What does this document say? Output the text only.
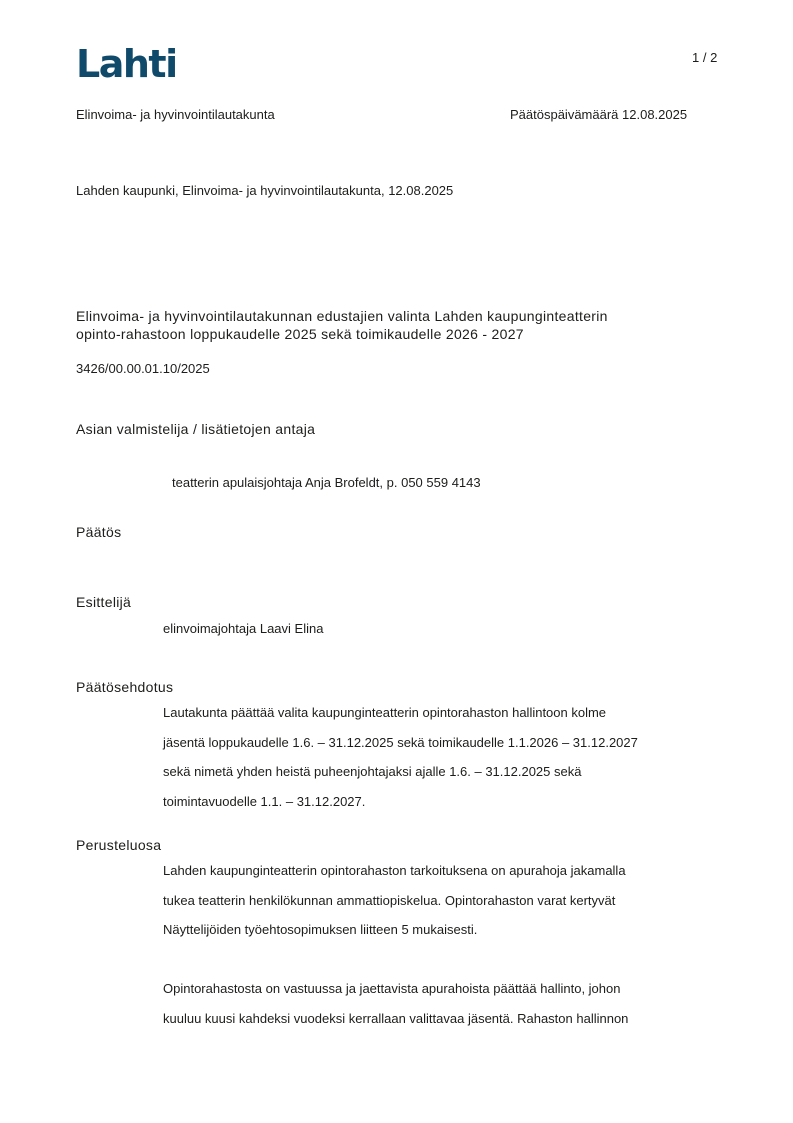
Lahti	1 / 2
Elinvoima- ja hyvinvointilautakunta	Päätöspäivämäärä 12.08.2025
Lahden kaupunki, Elinvoima- ja hyvinvointilautakunta, 12.08.2025
Elinvoima- ja hyvinvointilautakunnan edustajien valinta Lahden kaupunginteatterin
opinto-rahastoon loppukaudelle 2025 sekä toimikaudelle 2026 - 2027
3426/00.00.01.10/2025
Asian valmistelija / lisätietojen antaja
teatterin apulaisjohtaja Anja Brofeldt, p. 050 559 4143
Päätös
Esittelijä
elinvoimajohtaja Laavi Elina
Päätösehdotus
Lautakunta päättää valita kaupunginteatterin opintorahaston hallintoon kolme
jäsentä loppukaudelle 1.6. – 31.12.2025 sekä toimikaudelle 1.1.2026 – 31.12.2027
sekä nimetä yhden heistä puheenjohtajaksi ajalle 1.6. – 31.12.2025 sekä
toimintavuodelle 1.1. – 31.12.2027.
Perusteluosa
Lahden kaupunginteatterin opintorahaston tarkoituksena on apurahoja jakamalla
tukea teatterin henkilökunnan ammattiopiskelua. Opintorahaston varat kertyvät
Näyttelijöiden työehtosopimuksen liitteen 5 mukaisesti.
Opintorahastosta on vastuussa ja jaettavista apurahoista päättää hallinto, johon
kuuluu kuusi kahdeksi vuodeksi kerrallaan valittavaa jäsentä. Rahaston hallinnon
